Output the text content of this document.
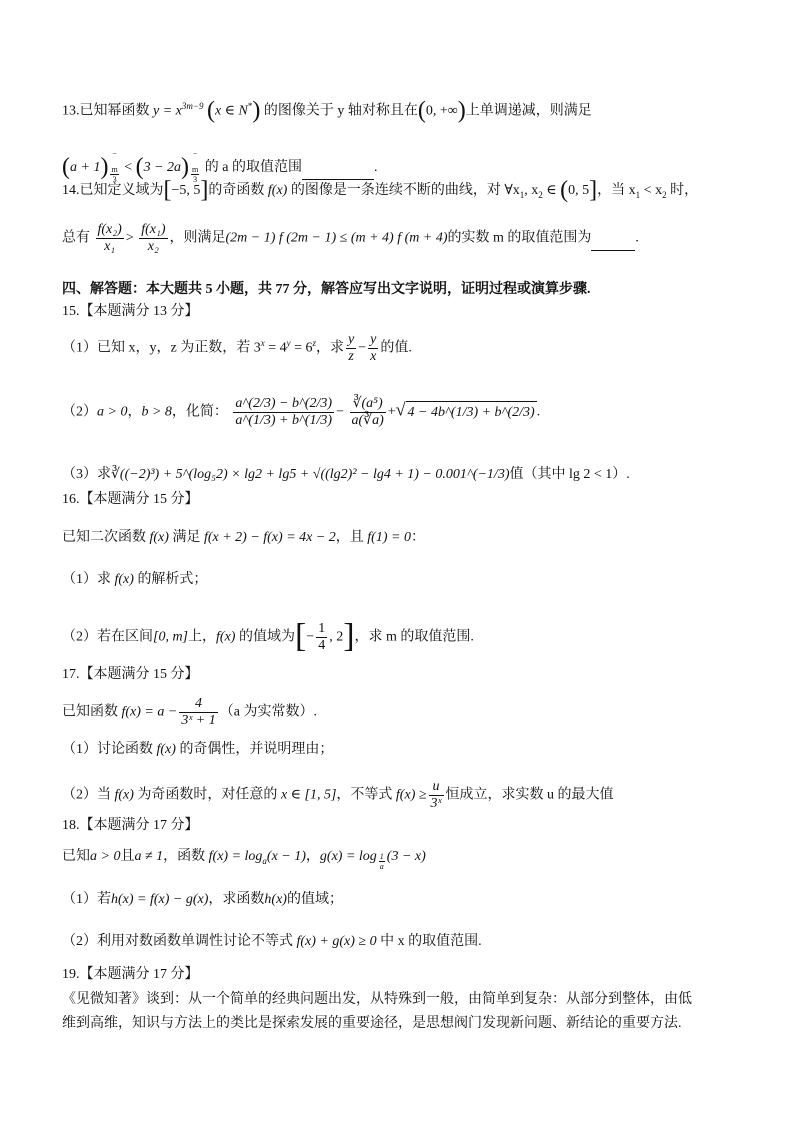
13.已知幂函数 $y = x^{3m-9}$ (x ∈ N*) 的图像关于 y 轴对称且在(0, +∞)上单调递减，则满足
$(a + 1)^{- m 3}$
< $(3 - 2a)^{- m 3}$
的 a 的取值范围	.
14.已知定义域为[−5, 5]的奇函数 f(x) 的图像是一条连续不断的曲线，对 $\forall x_1$, $x_2$ ∈ (0, 5]，当 $x_1 < x_2$ 时，
总有 $\frac{\text{f(x₂)}}{\text{x₁}} > \frac{\text{f(x₁)}}{\text{x₂}}$ ，则满足(2m − 1) f (2m − 1) ≤ (m + 4) f (m + 4)的实数 m 的取值范围为	.
四、解答题：本大题共 5 小题，共 77 分，解答应写出文字说明，证明过程或演算步骤.
15.【本题满分 13 分】
（1）已知 x，y，z 为正数，若 $3^x = 4^y = 6^z$，求 $\frac{y}{z} - \frac{y}{x}$ 的值.
（2）a > 0，b > 8，化简： $\frac{a\^{}(2/3) - b\^{}(2/3)}{a\^{}(1/3) + b\^{}(1/3)} - \frac{\text{∛(a⁵)}}{a(∛a)}$ +√ 4 − 4b^(1/3) + b^(2/3) .
（3）求∛((−2)³) + 5^(log₅2) × lg2 + lg5 + √((lg2)² − lg4 + 1) − 0.001^(−1/3)值（其中 lg 2 < 1）.
16.【本题满分 15 分】
已知二次函数 f(x) 满足 f(x + 2) − f(x) = 4x − 2，且 f(1) = 0：
（1）求 f(x) 的解析式；
（2）若在区间[0, m]上，f(x) 的值域为[− $\frac{1}{4}$ , 2]，求 m 的取值范围.
17.【本题满分 15 分】
已知函数 $f(x) = a - \frac{4}{\text{3ˣ + 1}} (a$ 为实常数）.
（1）讨论函数 f(x) 的奇偶性，并说明理由；
（2）当 f(x) 为奇函数时，对任意的 x ∈ [1, 5]，不等式 $f(x) \ge \frac{u}{\text{3ˣ}}$ 恒成立，求实数 u 的最大值
18.【本题满分 17 分】
已知a > 0且a ≠ 1，函数 $f(x) = \log_a(x - 1)$，g(x) = log $_{\frac{1}{a}}$ (3 − x)
（1）若h(x) = f(x) − g(x)，求函数h(x)的值域；
（2）利用对数函数单调性讨论不等式 f(x) + g(x) ≥ 0 中 x 的取值范围.
19.【本题满分 17 分】
《见微知著》谈到：从一个简单的经典问题出发，从特殊到一般，由简单到复杂：从部分到整体，由低
维到高维，知识与方法上的类比是探索发展的重要途径，是思想阀门发现新问题、新结论的重要方法.
